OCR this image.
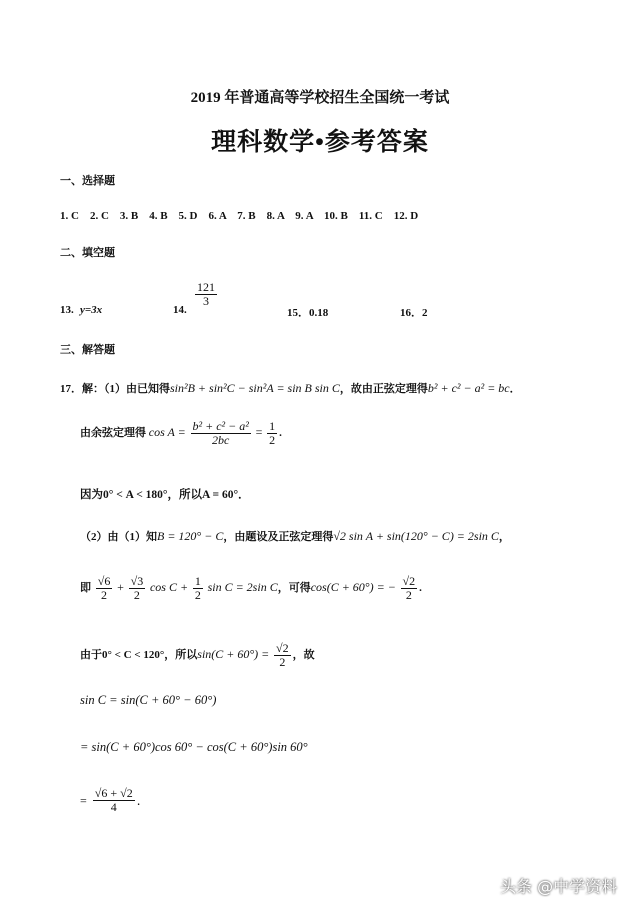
2019 年普通高等学校招生全国统一考试
理科数学•参考答案
一、选择题
1. C　2. C　3. B　4. B　5. D　6. A　7. B　8. A　9. A　10. B　11. C　12. D
二、填空题
13. y=3x	14.
$\frac{121}{3}$
15．0.18	16．2
三、解答题
17．解：（1）由已知得sin²B + sin²C − sin²A = sin B sin C，故由正弦定理得b² + c² − a² = bc．
由余弦定理得 $\cos A = \frac{\text{b² + c² − a²}}{2bc} = \frac{1}{2}$ .
因为0° < A < 180°，所以A = 60°．
（2）由（1）知B = 120° − C，由题设及正弦定理得√2 sin A + sin(120° − C) = 2sin C，
即 $\frac{√6}{2} + \frac{√3}{2}$ $\cos C + \frac{1}{2}$ sin C = 2sin C，可得cos(C + 60°) = − $\frac{√2}{2}$ .
由于0° < C < 120°，所以$\sin(C + 60^\circ) = \frac{√2}{2}$ ，故
sin C = sin(C + 60° − 60°)
= sin(C + 60°)cos 60° − cos(C + 60°)sin 60°
= $\frac{√6 + √2}{4}$ ．
头条 @中学资料
